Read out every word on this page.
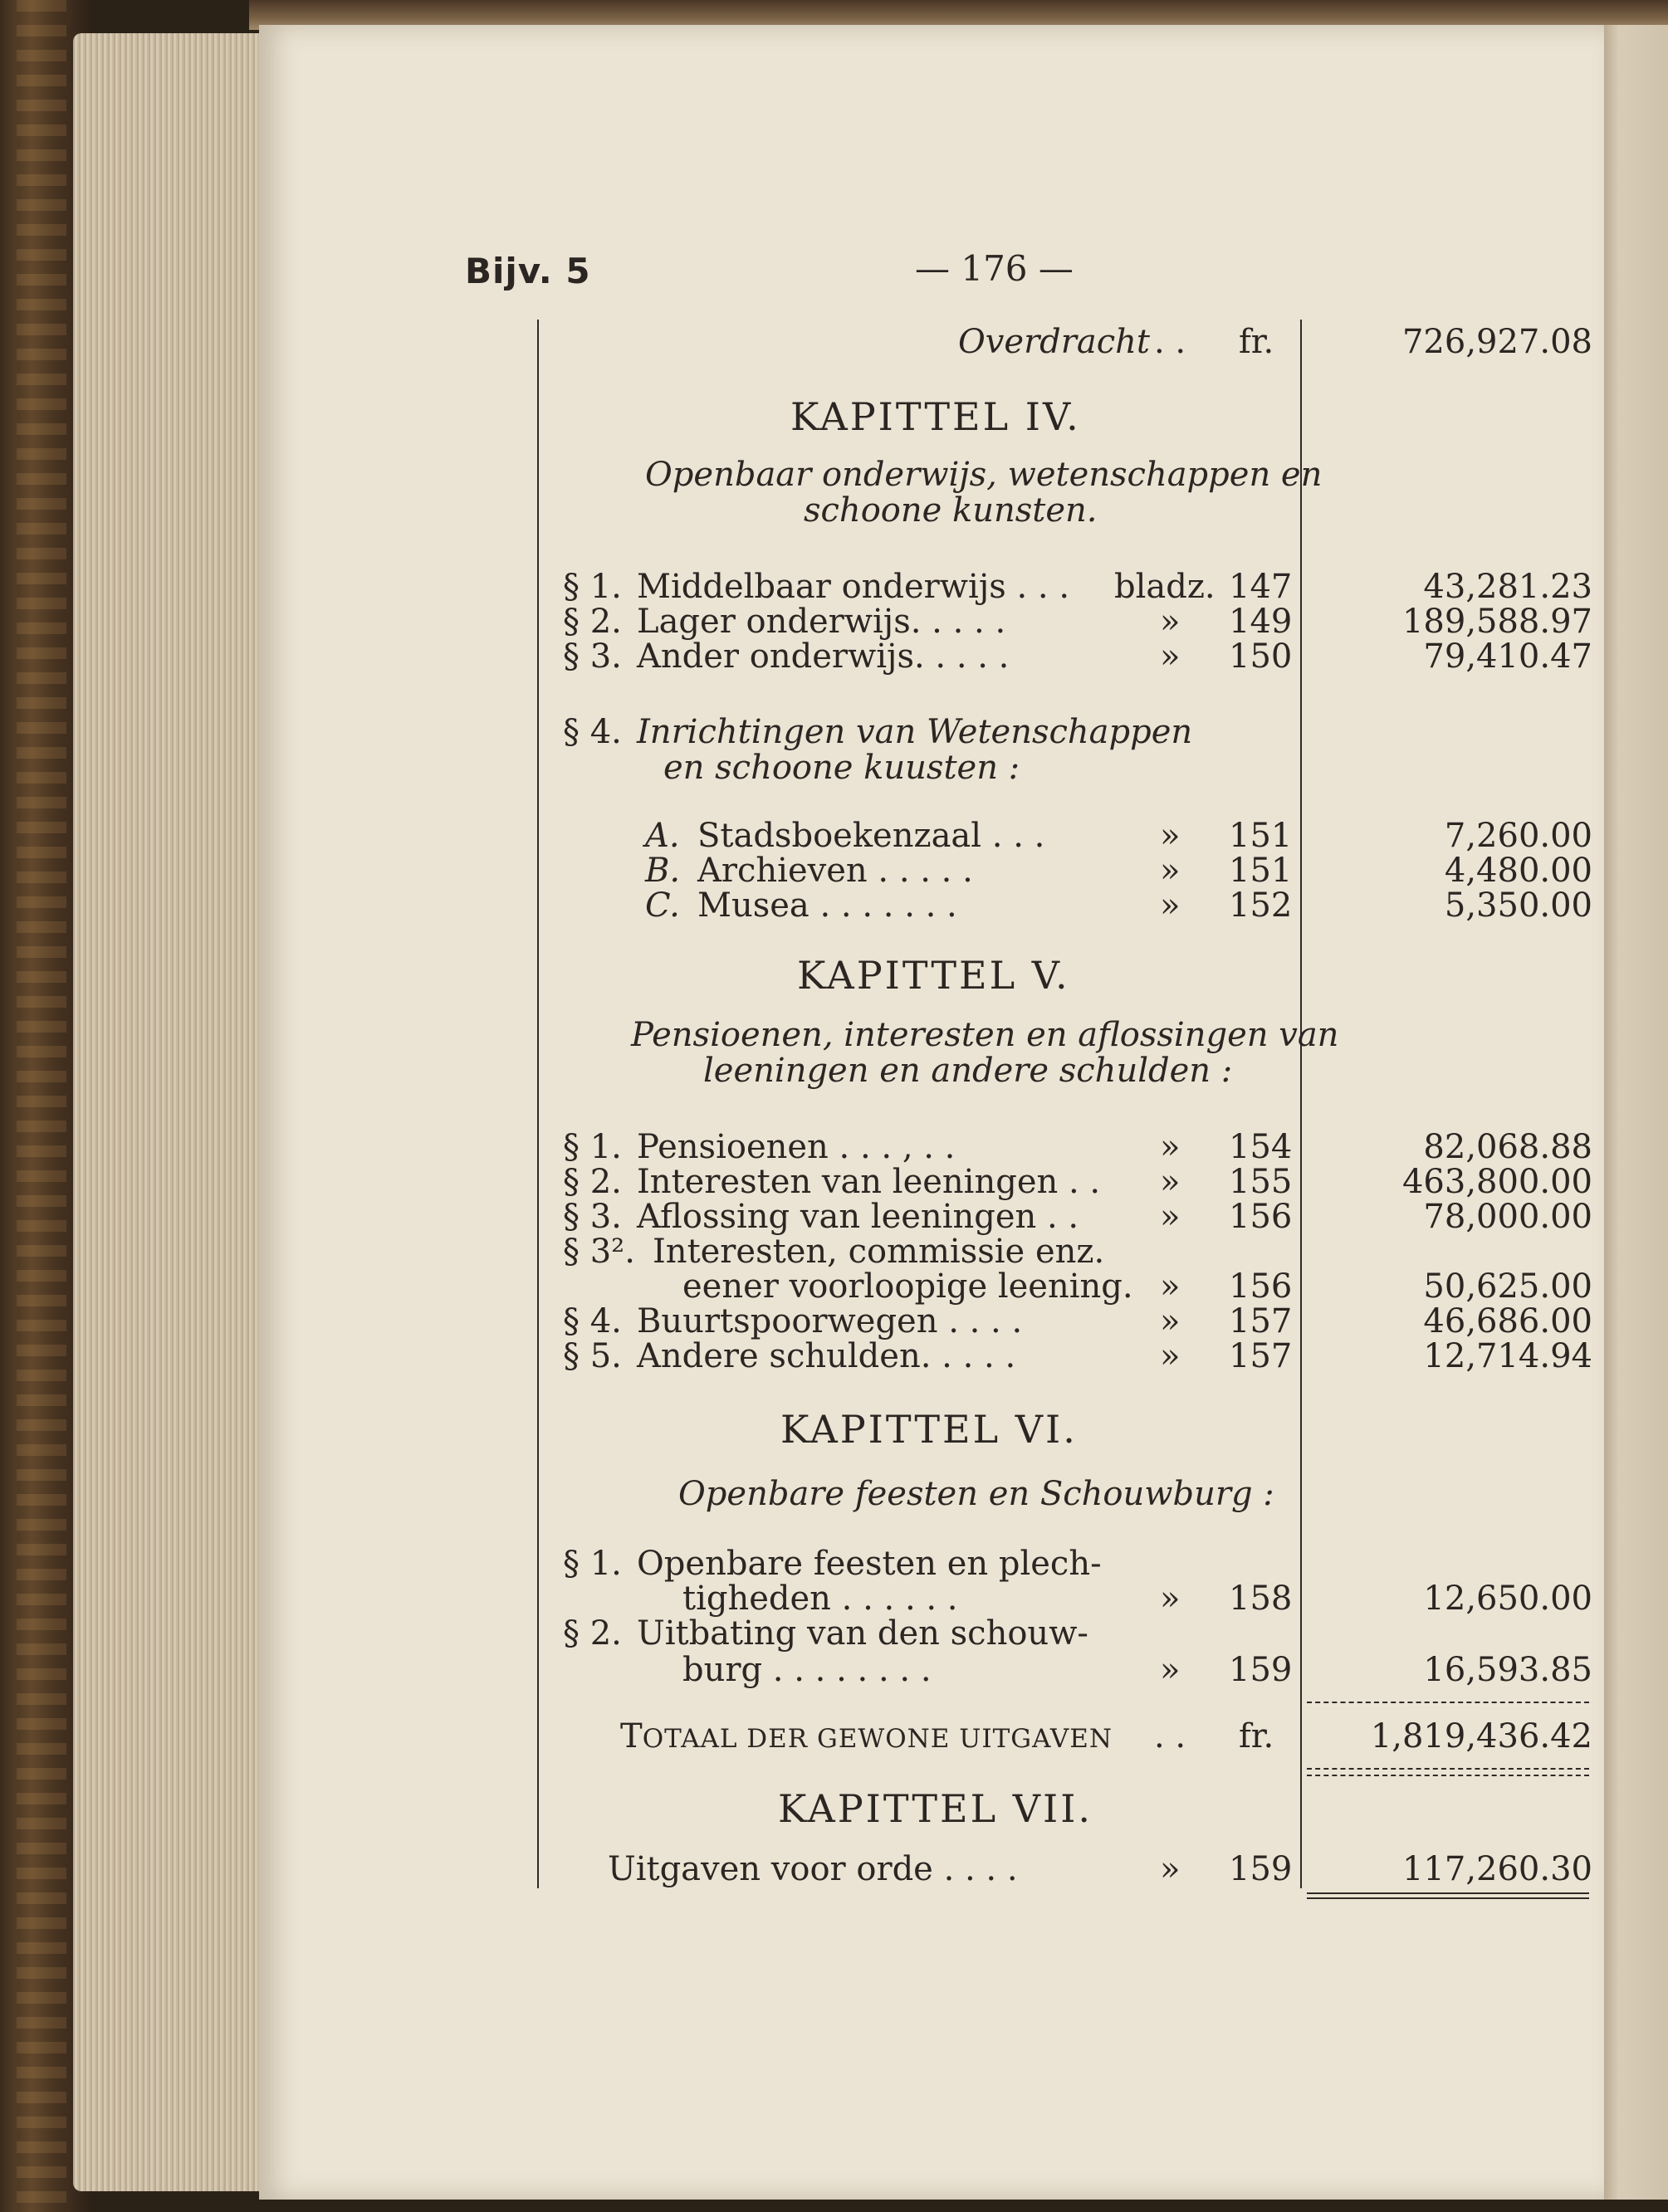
Bijv. 5	— 176 —
Overdracht . . fr.	726,927.08
KAPITTEL IV.
Openbaar onderwijs, wetenschappen en
schoone kunsten.
§ 1. Middelbaar onderwijs . . . bladz. 147	43,281.23
§ 2. Lager onderwijs. . . . .	» 149	189,588.97
§ 3. Ander onderwijs. . . . .	» 150	79,410.47
§ 4. Inrichtingen van Wetenschappen
en schoone kuusten :
A. Stadsboekenzaal . . .	» 151	7,260.00
B. Archieven . . . . .	» 151	4,480.00
C. Musea . . . . . . .	» 152	5,350.00
KAPITTEL V.
Pensioenen, interesten en aflossingen van
leeningen en andere schulden :
§ 1. Pensioenen . . . , . .	» 154	82,068.88
§ 2. Interesten van leeningen . . » 155	463,800.00
§ 3. Aflossing van leeningen . . » 156	78,000.00
§ 3². Interesten, commissie enz.
eener voorloopige leening. » 156	50,625.00
§ 4. Buurtspoorwegen . . . .	» 157	46,686.00
§ 5. Andere schulden. . . . .	» 157	12,714.94
KAPITTEL VI.
Openbare feesten en Schouwburg :
§ 1. Openbare feesten en plech-
tigheden . . . . . .	» 158	12,650.00
§ 2. Uitbating van den schouw-
burg . . . . . . . .	» 159	16,593.85
TOTAAL DER GEWONE UITGAVEN . . fr.	1,819,436.42
KAPITTEL VII.
Uitgaven voor orde . . . .	» 159	117,260.30
